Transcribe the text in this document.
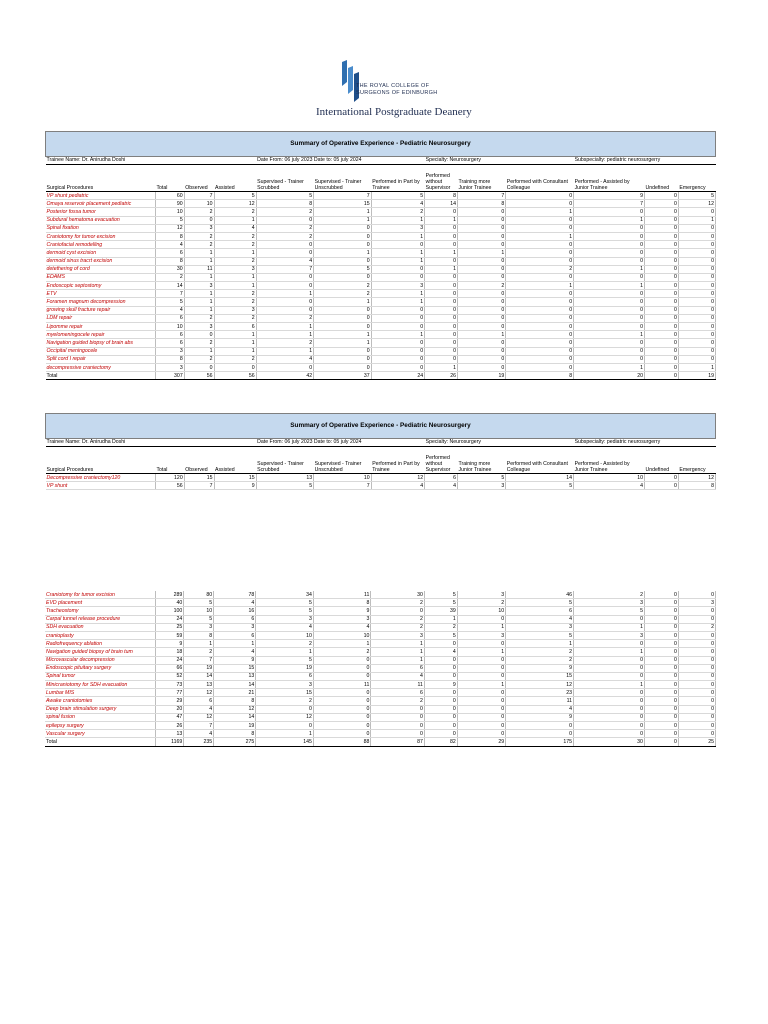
THE ROYAL COLLEGE OF
SURGEONS OF EDINBURGH
International Postgraduate Deanery
Summary of Operative Experience - Pediatric Neurosurgery												
Trainee Name: Dr. Anirudha Doshi				Date From: 06 july 2023 Date to: 05 july 2024			Specialty: Neurosurgery			Subspecialty: pediatric neurosurgerry		
Surgical Procedures	Total	Observed	Assisted	Supervised - Trainer Scrubbed	Supervised - Trainer Unscrubbed	Performed in Part by Trainee	Performed without Supervisor	Training more Junior Trainee	Performed with Consultant Colleague	Performed - Assisted by Junior Trainee	Undefined	Emergency
VP shunt pediatric	60	7	5	5	7	5	8	7	0	9	0	5
Omaya reservoir placement pediatric	90	10	12	8	15	4	14	8	0	7	0	12
Posterior fossa tumor	10	2	2	2	1	2	0	0	1	0	0	0
Subdural hematoma evacuation	5	0	1	0	1	1	1	0	0	1	0	1
Spinal fixation	12	3	4	2	0	3	0	0	0	0	0	0
Craniotomy for tumor excision	8	2	2	2	0	1	0	0	1	0	0	0
Craniofacial remodelling	4	2	2	0	0	0	0	0	0	0	0	0
dermoid cyst excision	6	1	1	0	1	1	1	1	0	0	0	0
dermoid sinus tracrt excision	8	1	2	4	0	1	0	0	0	0	0	0
detethering of cord	30	11	3	7	5	0	1	0	2	1	0	0
EDAMS	2	1	1	0	0	0	0	0	0	0	0	0
Endoscopic septostomy	14	3	1	0	2	3	0	2	1	1	0	0
ETV	7	1	2	1	2	1	0	0	0	0	0	0
Foramen magnum decompression	5	1	2	0	1	1	0	0	0	0	0	0
growing skull fracture repair	4	1	3	0	0	0	0	0	0	0	0	0
LDM repair	6	2	2	2	0	0	0	0	0	0	0	0
Lipomme repair	10	3	6	1	0	0	0	0	0	0	0	0
myelomeningocele repair	6	0	1	1	1	1	0	1	0	1	0	0
Navigation guided biopsy of brain abs	6	2	1	2	1	0	0	0	0	0	0	0
Occipital meningocele	3	1	1	1	0	0	0	0	0	0	0	0
Split cord I repair	8	2	2	4	0	0	0	0	0	0	0	0
decompressive craniectomy	3	0	0	0	0	0	1	0	0	1	0	1
Total	307	56	56	42	37	24	26	19	8	20	0	19
Summary of Operative Experience - Pediatric Neurosurgery												
Trainee Name: Dr. Anirudha Doshi				Date From: 06 july 2023 Date to: 05 july 2024			Specialty: Neurosurgery			Subspecialty: pediatric neurosurgerry		
Surgical Procedures	Total	Observed	Assisted	Supervised - Trainer Scrubbed	Supervised - Trainer Unscrubbed	Performed in Part by Trainee	Performed without Supervisor	Training more Junior Trainee	Performed with Consultant Colleague	Performed - Assisted by Junior Trainee	Undefined	Emergency
Decompressive craniectomy120	120	15	15	13	10	12	6	5	14	10	0	12
VP shunt	56	7	9	5	7	4	4	3	5	4	0	8
Craniotomy for tumor excision	289	80	78	34	11	30	5	3	46	2	0	0
EVD placement	40	5	4	5	8	2	5	2	5	3	0	3
Tracheostomy	100	10	16	5	9	0	39	10	6	5	0	0
Carpal tunnel release procedure	24	5	6	3	3	2	1	0	4	0	0	0
SDH evacuation	25	3	3	4	4	2	2	1	3	1	0	2
cranioplasty	59	8	6	10	10	3	5	3	5	3	0	0
Radiofrequency ablation	9	1	1	2	1	1	0	0	1	0	0	0
Navigation guided biopsy of brain tum	18	2	4	1	2	1	4	1	2	1	0	0
Microvascular decompression	24	7	9	5	0	1	0	0	2	0	0	0
Endoscopic pituitary surgery	66	19	15	19	0	6	0	0	9	0	0	0
Spinal tumor	52	14	13	6	0	4	0	0	15	0	0	0
Minicraniotomy for SDH evacuation	73	13	14	3	11	11	9	1	12	1	0	0
Lumbar MIS	77	12	21	15	0	6	0	0	23	0	0	0
Awake craniotomies	29	6	8	2	0	2	0	0	11	0	0	0
Deep brain stimulation surgery	20	4	12	0	0	0	0	0	4	0	0	0
spinal fusion	47	12	14	12	0	0	0	0	9	0	0	0
epilepsy surgery	26	7	19	0	0	0	0	0	0	0	0	0
Vascular surgery	13	4	8	1	0	0	0	0	0	0	0	0
Total	1169	235	275	145	88	87	82	29	175	30	0	25
